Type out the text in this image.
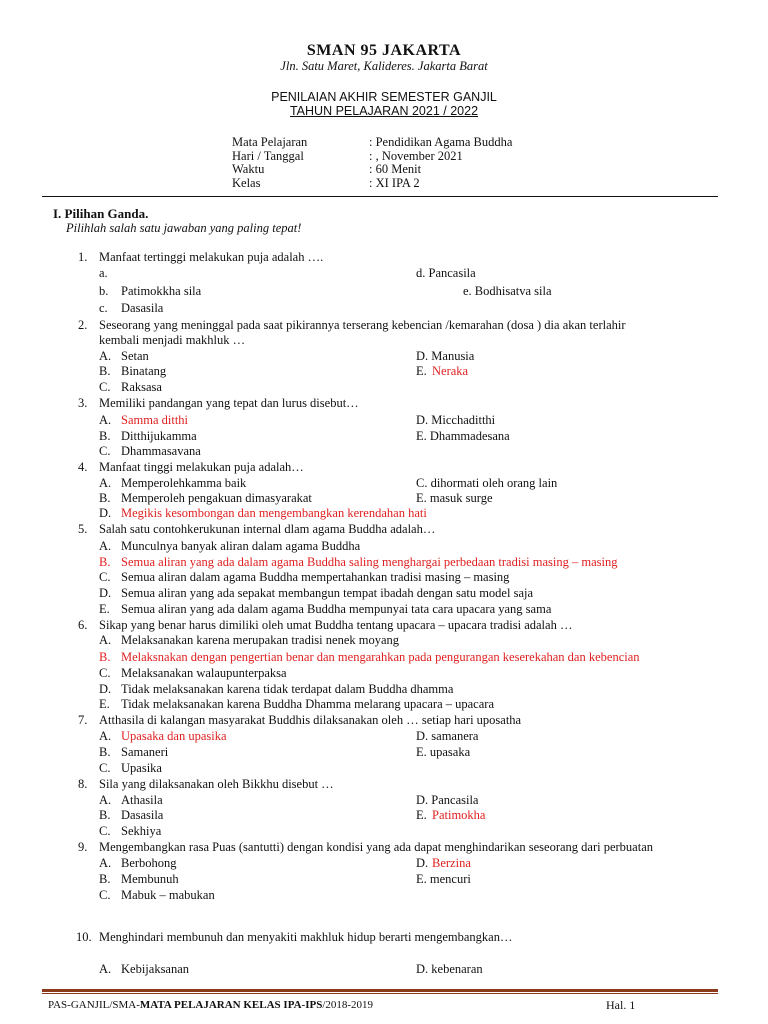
SMAN 95 JAKARTA
Jln. Satu Maret, Kalideres. Jakarta Barat
PENILAIAN AKHIR SEMESTER GANJIL
TAHUN PELAJARAN 2021 / 2022
Mata Pelajaran	: Pendidikan Agama Buddha
Hari / Tanggal	: , November 2021
Waktu	: 60 Menit
Kelas	: XI IPA 2
I. Pilihan Ganda.
Pilihlah salah satu jawaban yang paling tepat!
1. Manfaat tertinggi melakukan puja adalah ….
a.	d. Pancasila
b. Patimokkha sila	e. Bodhisatva sila
c. Dasasila
2. Seseorang yang meninggal pada saat pikirannya terserang kebencian /kemarahan (dosa ) dia akan terlahir
kembali menjadi makhluk …
A. Setan	D. Manusia
B. Binatang	E. Neraka
C. Raksasa
3. Memiliki pandangan yang tepat dan lurus disebut…
A. Samma ditthi	D. Micchaditthi
B. Ditthijukamma	E. Dhammadesana
C. Dhammasavana
4. Manfaat tinggi melakukan puja adalah…
A. Memperolehkamma baik	C. dihormati oleh orang lain
B. Memperoleh pengakuan dimasyarakat	E. masuk surge
D. Megikis kesombongan dan mengembangkan kerendahan hati
5. Salah satu contohkerukunan internal dlam agama Buddha adalah…
A. Munculnya banyak aliran dalam agama Buddha
B. Semua aliran yang ada dalam agama Buddha saling menghargai perbedaan tradisi masing – masing
C. Semua aliran dalam agama Buddha mempertahankan tradisi masing – masing
D. Semua aliran yang ada sepakat membangun tempat ibadah dengan satu model saja
E. Semua aliran yang ada dalam agama Buddha mempunyai tata cara upacara yang sama
6. Sikap yang benar harus dimiliki oleh umat Buddha tentang upacara – upacara tradisi adalah …
A. Melaksanakan karena merupakan tradisi nenek moyang
B. Melaksnakan dengan pengertian benar dan mengarahkan pada pengurangan keserekahan dan kebencian
C. Melaksanakan walaupunterpaksa
D. Tidak melaksanakan karena tidak terdapat dalam Buddha dhamma
E. Tidak melaksanakan karena Buddha Dhamma melarang upacara – upacara
7. Atthasila di kalangan masyarakat Buddhis dilaksanakan oleh … setiap hari uposatha
A. Upasaka dan upasika	D. samanera
B. Samaneri	E. upasaka
C. Upasika
8. Sila yang dilaksanakan oleh Bikkhu disebut …
A. Athasila	D. Pancasila
B. Dasasila	E. Patimokha
C. Sekhiya
9. Mengembangkan rasa Puas (santutti) dengan kondisi yang ada dapat menghindarikan seseorang dari perbuatan
A. Berbohong	D. Berzina
B. Membunuh	E. mencuri
C. Mabuk – mabukan
10. Menghindari membunuh dan menyakiti makhluk hidup berarti mengembangkan…
A. Kebijaksanan	D. kebenaran
PAS-GANJIL/SMA-MATA PELAJARAN KELAS IPA-IPS/2018-2019	Hal. 1
